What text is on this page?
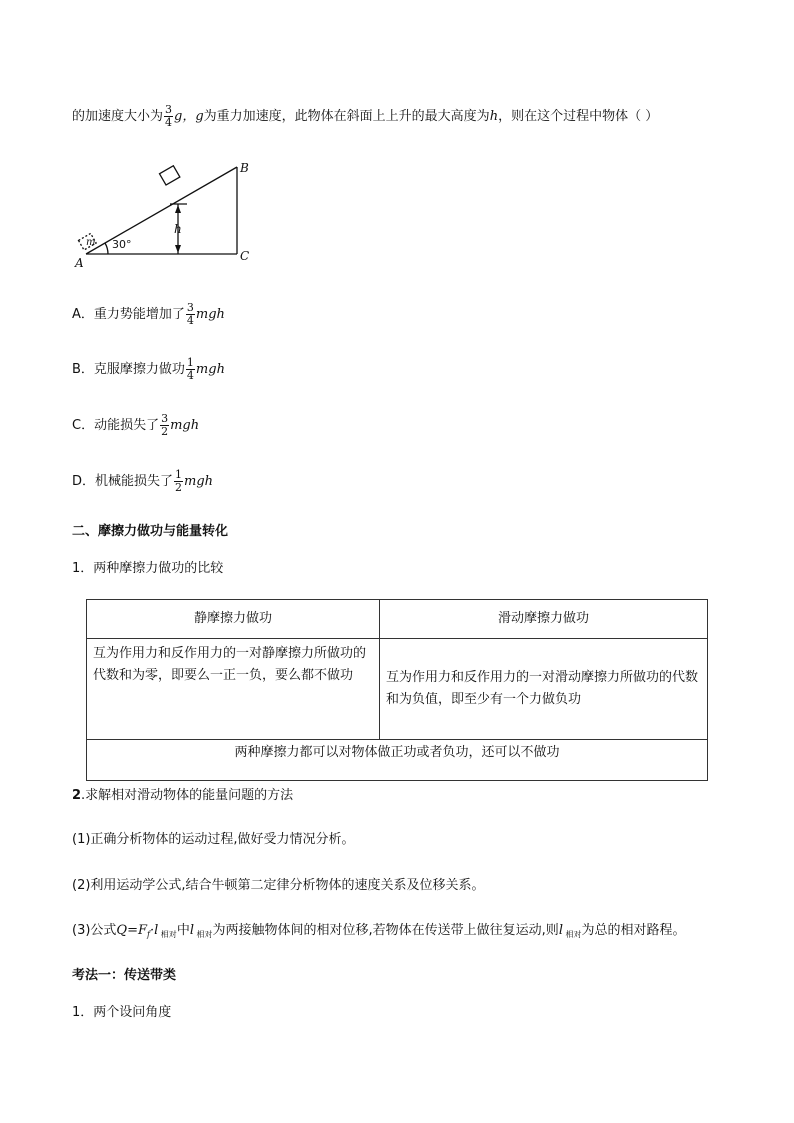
的加速度大小为 $\frac{3}{4}$ g，g为重力加速度，此物体在斜面上上升的最大高度为h，则在这个过程中物体（ ）
A
B
C
h
m 30°
A．重力势能增加了 $\frac{3}{4}$ mgh
B．克服摩擦力做功 $\frac{1}{4}$ mgh
C．动能损失了 $\frac{3}{2}$ mgh
D．机械能损失了 $\frac{1}{2}$ mgh
二、摩擦力做功与能量转化
1．两种摩擦力做功的比较
静摩擦力做功	滑动摩擦力做功
互为作用力和反作用力的一对静摩擦力所做功的代数和为零，即要么一正一负，要么都不做功	互为作用力和反作用力的一对滑动摩擦力所做功的代数和为负值，即至少有一个力做负功
两种摩擦力都可以对物体做正功或者负功，还可以不做功	
2.求解相对滑动物体的能量问题的方法
(1)正确分析物体的运动过程,做好受力情况分析。
(2)利用运动学公式,结合牛顿第二定律分析物体的速度关系及位移关系。
(3)公式$Q=F_f\cdot l$ $_{相对}$中l $_{相对}$为两接触物体间的相对位移,若物体在传送带上做往复运动,则l $_{相对}$为总的相对路程。
考法一：传送带类
1．两个设问角度
